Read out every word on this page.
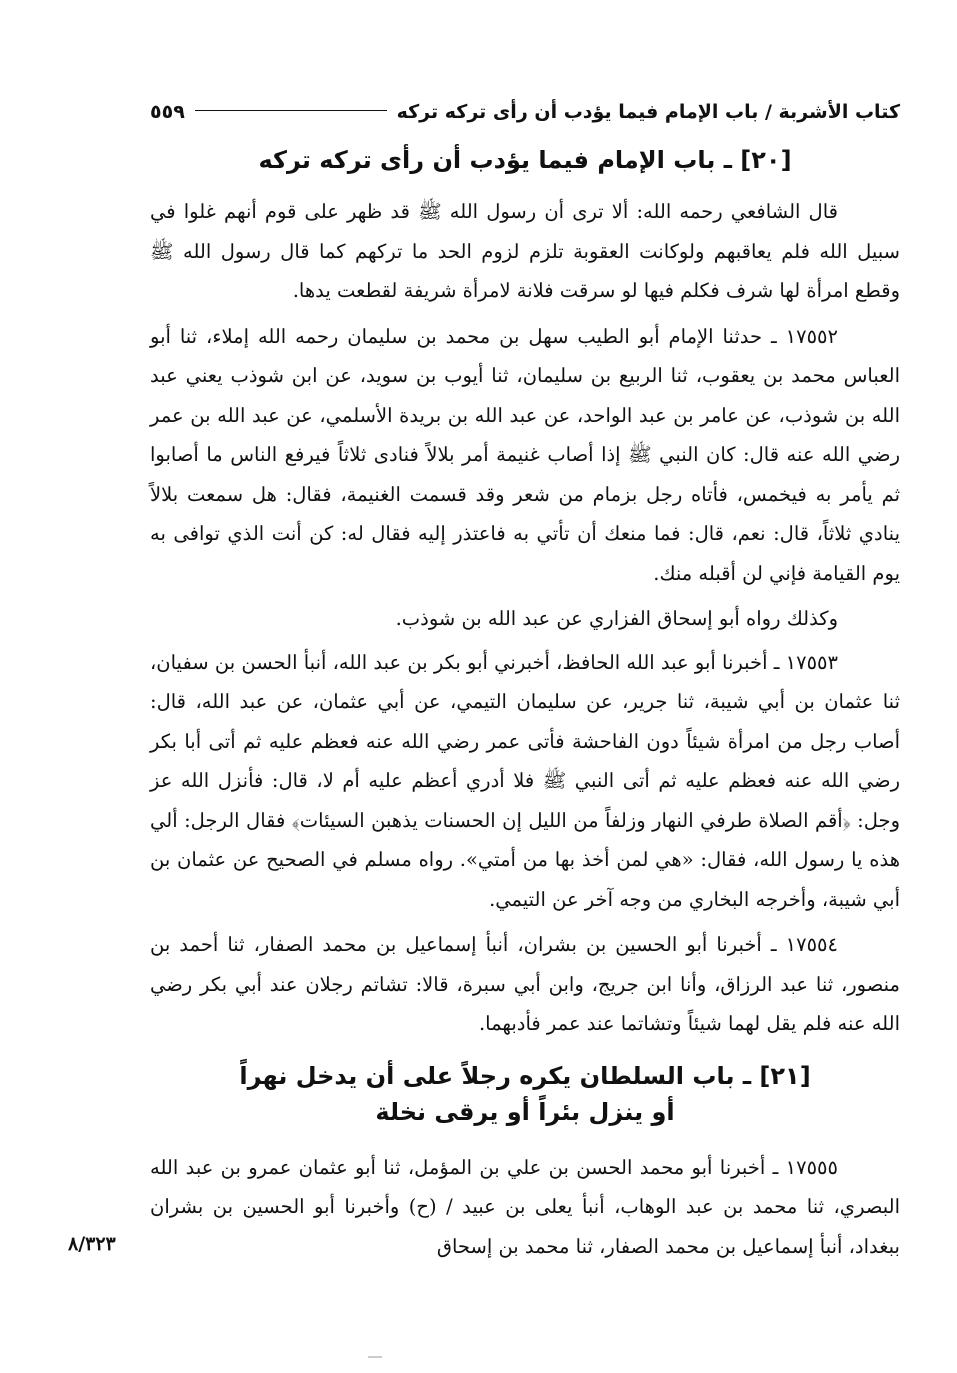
كتاب الأشربة / باب الإمام فيما يؤدب أن رأى تركه تركه
٥٥٩
[٢٠] ـ باب الإمام فيما يؤدب أن رأى تركه تركه

قال الشافعي رحمه الله: ألا ترى أن رسول الله ﷺ قد ظهر على قوم أنهم غلوا في سبيل الله فلم يعاقبهم ولوكانت العقوبة تلزم لزوم الحد ما تركهم كما قال رسول الله ﷺ وقطع امرأة لها شرف فكلم فيها لو سرقت فلانة لامرأة شريفة لقطعت يدها.

١٧٥٥٢ ـ حدثنا الإمام أبو الطيب سهل بن محمد بن سليمان رحمه الله إملاء، ثنا أبو العباس محمد بن يعقوب، ثنا الربيع بن سليمان، ثنا أيوب بن سويد، عن ابن شوذب يعني عبد الله بن شوذب، عن عامر بن عبد الواحد، عن عبد الله بن بريدة الأسلمي، عن عبد الله بن عمر رضي الله عنه قال: كان النبي ﷺ إذا أصاب غنيمة أمر بلالاً فنادى ثلاثاً فيرفع الناس ما أصابوا ثم يأمر به فيخمس، فأتاه رجل بزمام من شعر وقد قسمت الغنيمة، فقال: هل سمعت بلالاً ينادي ثلاثاً، قال: نعم، قال: فما منعك أن تأتي به فاعتذر إليه فقال له: كن أنت الذي توافى به يوم القيامة فإني لن أقبله منك.

وكذلك رواه أبو إسحاق الفزاري عن عبد الله بن شوذب.

١٧٥٥٣ ـ أخبرنا أبو عبد الله الحافظ، أخبرني أبو بكر بن عبد الله، أنبأ الحسن بن سفيان، ثنا عثمان بن أبي شيبة، ثنا جرير، عن سليمان التيمي، عن أبي عثمان، عن عبد الله، قال: أصاب رجل من امرأة شيئاً دون الفاحشة فأتى عمر رضي الله عنه فعظم عليه ثم أتى أبا بكر رضي الله عنه فعظم عليه ثم أتى النبي ﷺ فلا أدري أعظم عليه أم لا، قال: فأنزل الله عز وجل: ﴿أقم الصلاة طرفي النهار وزلفاً من الليل إن الحسنات يذهبن السيئات﴾ فقال الرجل: ألي هذه يا رسول الله، فقال: «هي لمن أخذ بها من أمتي». رواه مسلم في الصحيح عن عثمان بن أبي شيبة، وأخرجه البخاري من وجه آخر عن التيمي.

١٧٥٥٤ ـ أخبرنا أبو الحسين بن بشران، أنبأ إسماعيل بن محمد الصفار، ثنا أحمد بن منصور، ثنا عبد الرزاق، وأنا ابن جريج، وابن أبي سبرة، قالا: تشاتم رجلان عند أبي بكر رضي الله عنه فلم يقل لهما شيئاً وتشاتما عند عمر فأدبهما.

[٢١] ـ باب السلطان يكره رجلاً على أن يدخل نهراً
أو ينزل بئراً أو يرقى نخلة

١٧٥٥٥ ـ أخبرنا أبو محمد الحسن بن علي بن المؤمل، ثنا أبو عثمان عمرو بن عبد الله البصري، ثنا محمد بن عبد الوهاب، أنبأ يعلى بن عبيد / (ح) وأخبرنا أبو الحسين بن بشران ببغداد، أنبأ إسماعيل بن محمد الصفار، ثنا محمد بن إسحاق

٨/٣٢٣
